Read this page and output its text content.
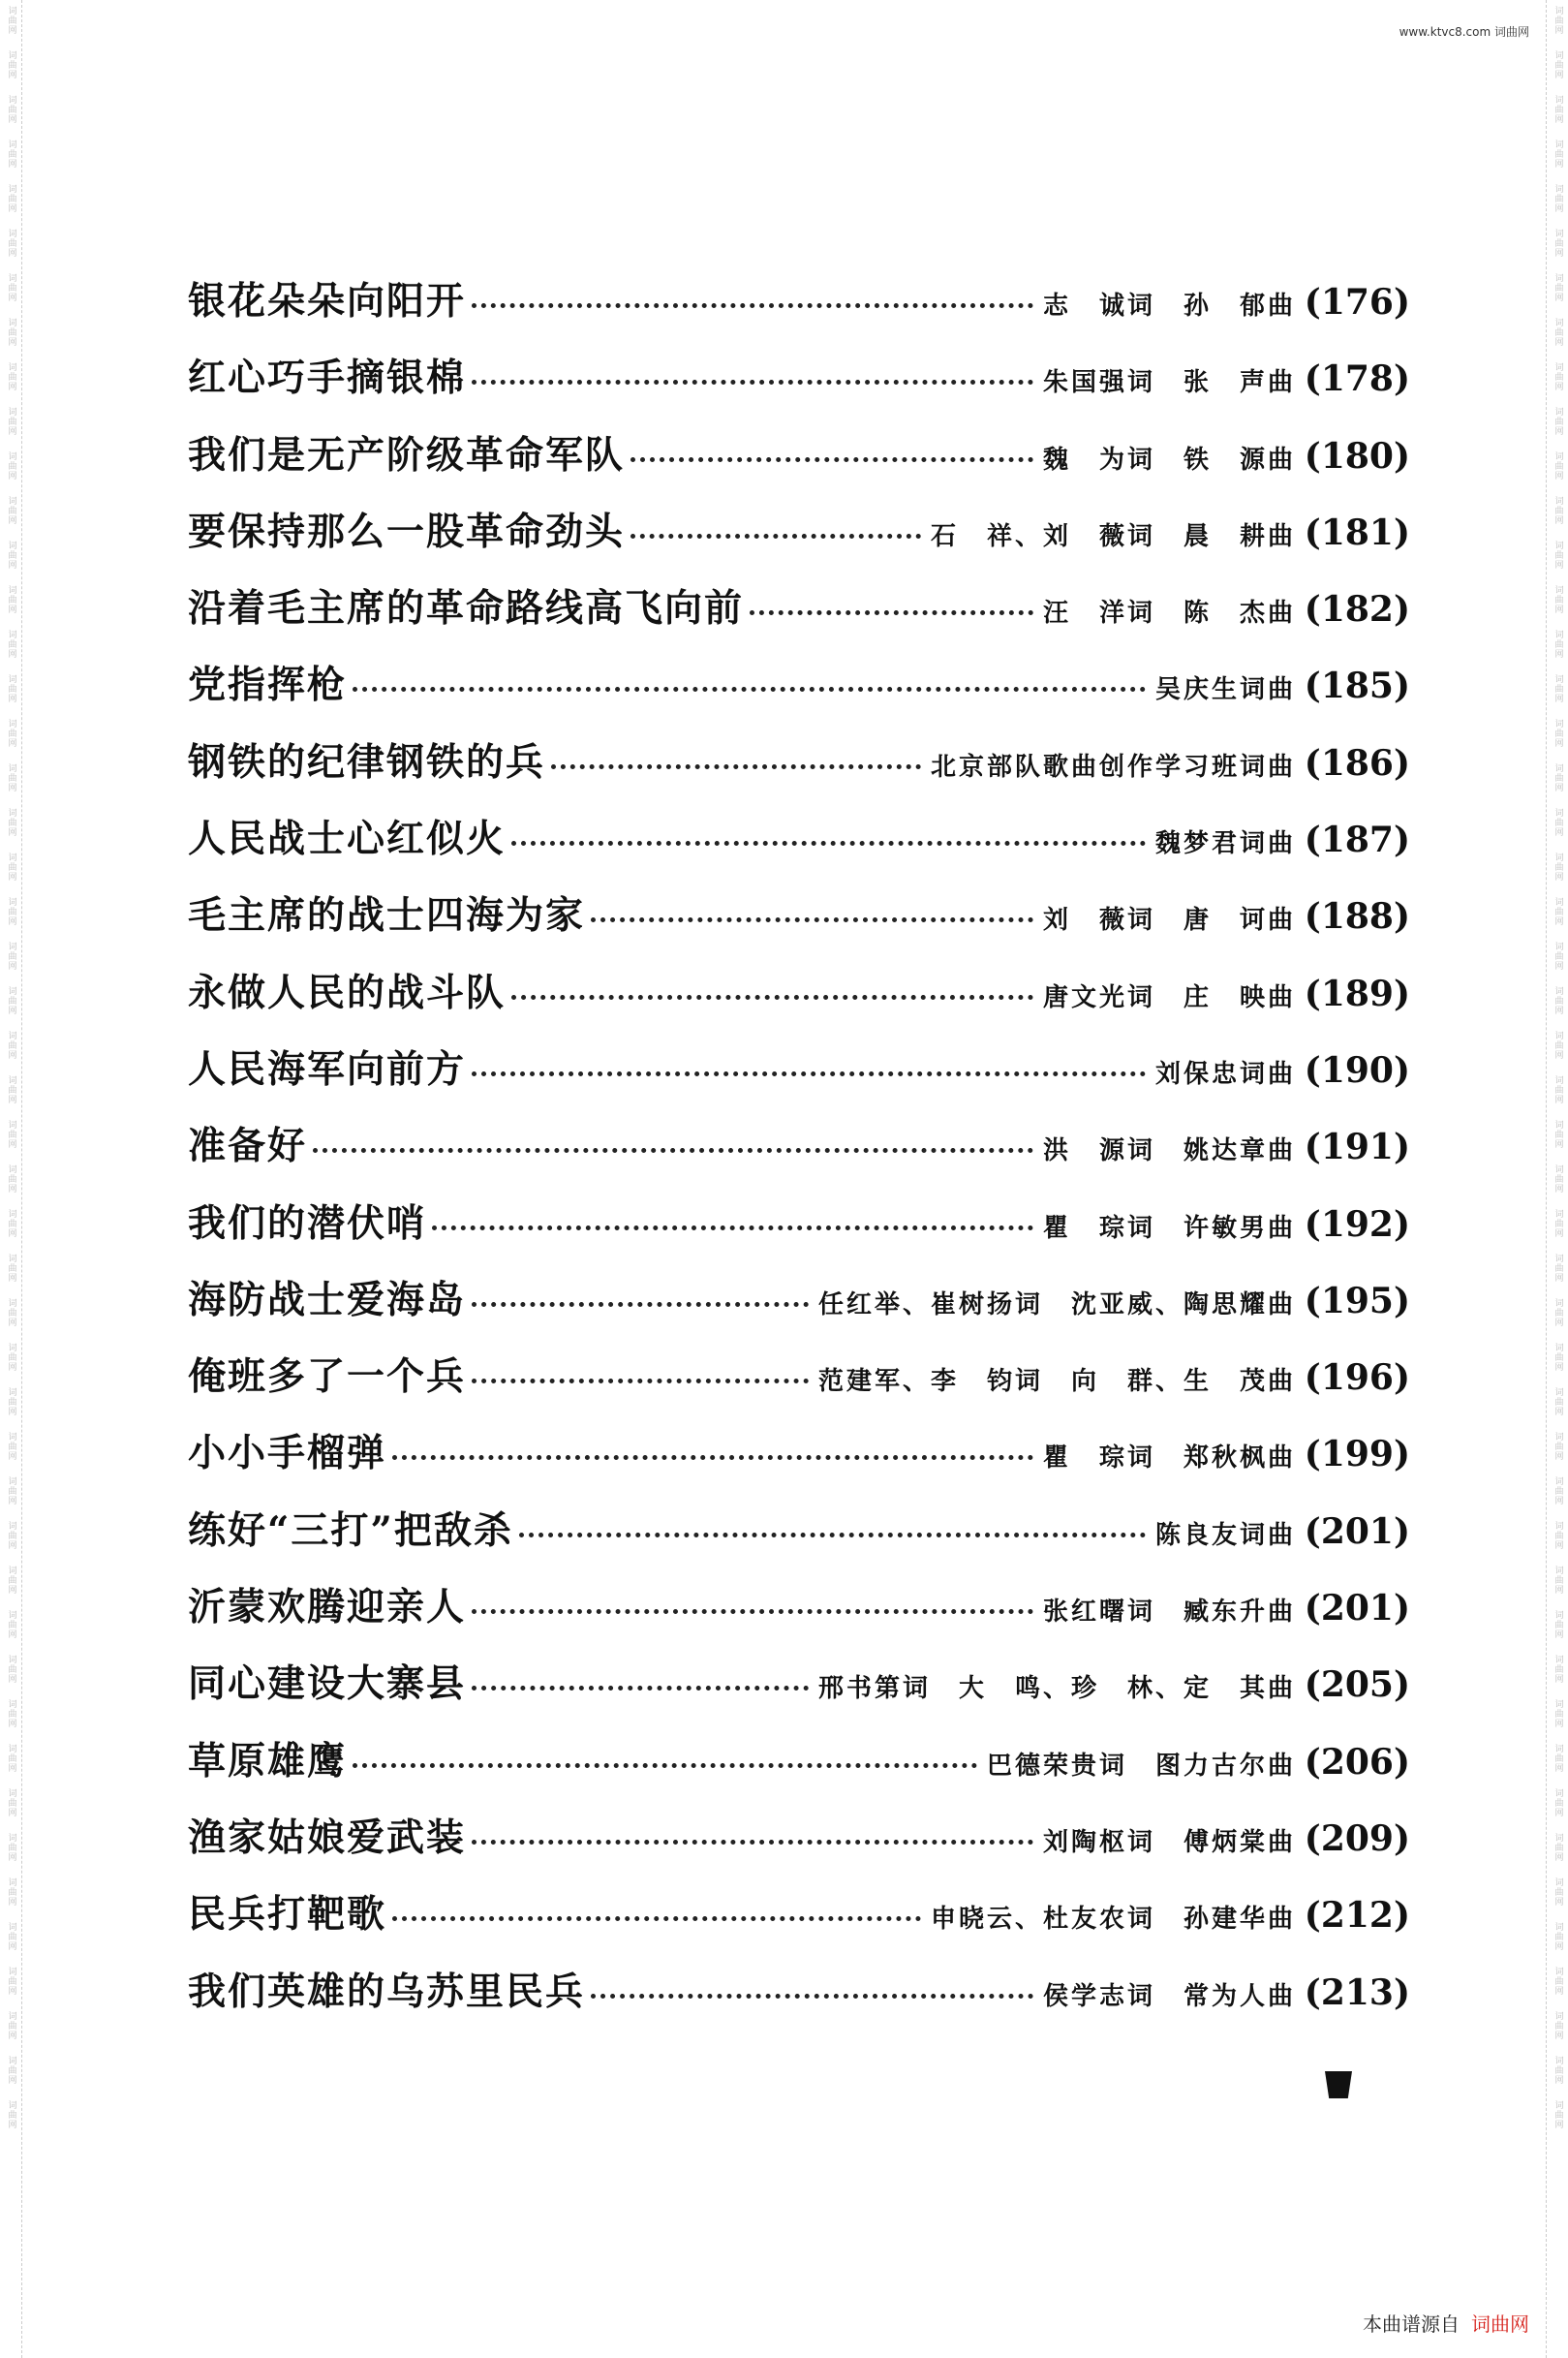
词曲网
词曲网
词曲网
词曲网
词曲网
词曲网
词曲网
词曲网
词曲网
词曲网
词曲网
词曲网
词曲网
词曲网
词曲网
词曲网
词曲网
词曲网
词曲网
词曲网
词曲网
词曲网
词曲网
词曲网
词曲网
词曲网
词曲网
词曲网
词曲网
词曲网
词曲网
词曲网
词曲网
词曲网
词曲网
词曲网
词曲网
词曲网
词曲网
词曲网
词曲网
词曲网
词曲网
词曲网
词曲网
词曲网
词曲网
词曲网
词曲网
词曲网
词曲网
词曲网
词曲网
词曲网
词曲网
词曲网
词曲网
词曲网
词曲网
词曲网
词曲网
词曲网
词曲网
词曲网
词曲网
词曲网
词曲网
词曲网
词曲网
词曲网
词曲网
词曲网
词曲网
词曲网
词曲网
词曲网
词曲网
词曲网
词曲网
词曲网
词曲网
词曲网
词曲网
词曲网
词曲网
词曲网
词曲网
词曲网
词曲网
词曲网
词曲网
词曲网
词曲网
词曲网
词曲网
词曲网
www.ktvc8.com 词曲网
银花朵朵向阳开	志　诚词　孙　郁曲 (176)
红心巧手摘银棉	朱国强词　张　声曲 (178)
我们是无产阶级革命军队	魏　为词　铁　源曲 (180)
要保持那么一股革命劲头	石　祥、刘　薇词　晨　耕曲 (181)
沿着毛主席的革命路线高飞向前	汪　洋词　陈　杰曲 (182)
党指挥枪	吴庆生词曲 (185)
钢铁的纪律钢铁的兵	北京部队歌曲创作学习班词曲 (186)
人民战士心红似火	魏梦君词曲 (187)
毛主席的战士四海为家	刘　薇词　唐　诃曲 (188)
永做人民的战斗队	唐文光词　庄　映曲 (189)
人民海军向前方	刘保忠词曲 (190)
准备好	洪　源词　姚达章曲 (191)
我们的潜伏哨	瞿　琮词　许敏男曲 (192)
海防战士爱海岛	任红举、崔树扬词　沈亚威、陶思耀曲 (195)
俺班多了一个兵	范建军、李　钧词　向　群、生　茂曲 (196)
小小手榴弹	瞿　琮词　郑秋枫曲 (199)
练好“三打”把敌杀	陈良友词曲 (201)
沂蒙欢腾迎亲人	张红曙词　臧东升曲 (201)
同心建设大寨县	邢书第词　大　鸣、珍　林、定　其曲 (205)
草原雄鹰	巴德荣贵词　图力古尔曲 (206)
渔家姑娘爱武装	刘陶枢词　傅炳棠曲 (209)
民兵打靶歌	申晓云、杜友农词　孙建华曲 (212)
我们英雄的乌苏里民兵	侯学志词　常为人曲 (213)
本曲谱源自 词曲网
